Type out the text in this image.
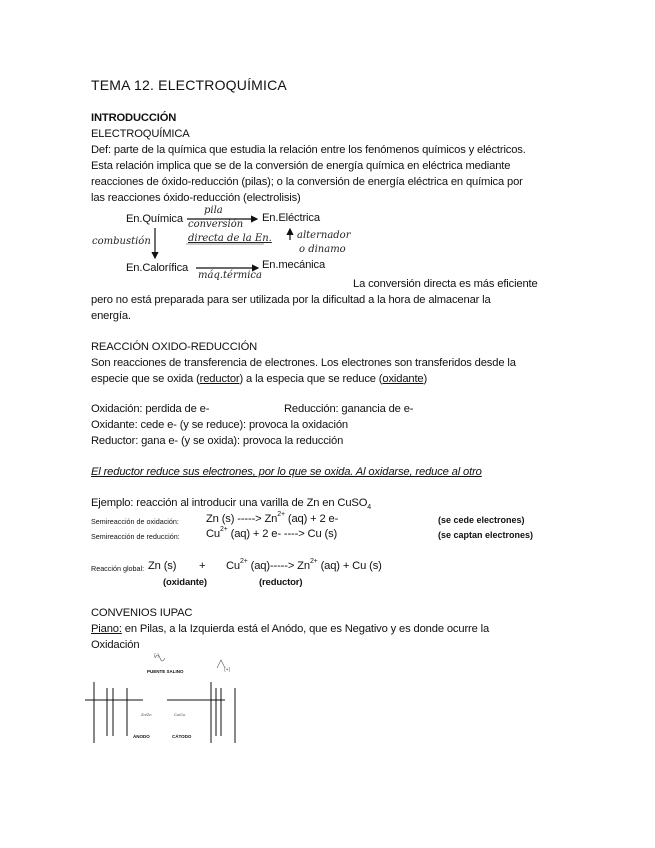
TEMA 12. ELECTROQUÍMICA
INTRODUCCIÓN
ELECTROQUÍMICA
Def: parte de la química que estudia la relación entre los fenómenos químicos y eléctricos.
Esta relación implica que se de la conversión de energía química en eléctrica mediante
reacciones de óxido-reducción (pilas); o la conversión de energía eléctrica en química por
las reacciones óxido-reducción (electrolisis)
En.Química	En.Eléctrica
En.Calorífica	En.mecánica
pila
conversión
directa de la En.
combustión
alternador
o dinamo
máq.térmica
La conversión directa es más eficiente
pero no está preparada para ser utilizada por la dificultad a la hora de almacenar la
energía.
REACCIÓN OXIDO-REDUCCIÓN
Son reacciones de transferencia de electrones. Los electrones son transferidos desde la
especie que se oxida (reductor) a la especia que se reduce (oxidante)
Oxidación: perdida de e-	Reducción: ganancia de e-
Oxidante: cede e- (y se reduce): provoca la oxidación
Reductor: gana e- (y se oxida): provoca la reducción
El reductor reduce sus electrones, por lo que se oxida. Al oxidarse, reduce al otro
Ejemplo: reacción al introducir una varilla de Zn en CuSO$_4$
Semireacción de oxidación: Zn (s) -----> $Zn^{2+}$ (aq) + 2 e-	(se cede electrones)
Semireacción de reducción: $Cu^{2+}$ (aq) + 2 e- ----> Cu (s)	(se captan electrones)
Reacción global: Zn $(s) + Cu^{2+}$ $(aq)-----> Zn^{2+}$ (aq) + Cu (s)
(oxidante)	(reductor)
CONVENIOS IUPAC
Piano: en Pilas, a la Izquierda está el Anódo, que es Negativo y es donde ocurre la
Oxidación
PUENTE SALINO
ÁNODO	CÁTODO
(-)
(+)
Zn/Zn	Cu/Cu
